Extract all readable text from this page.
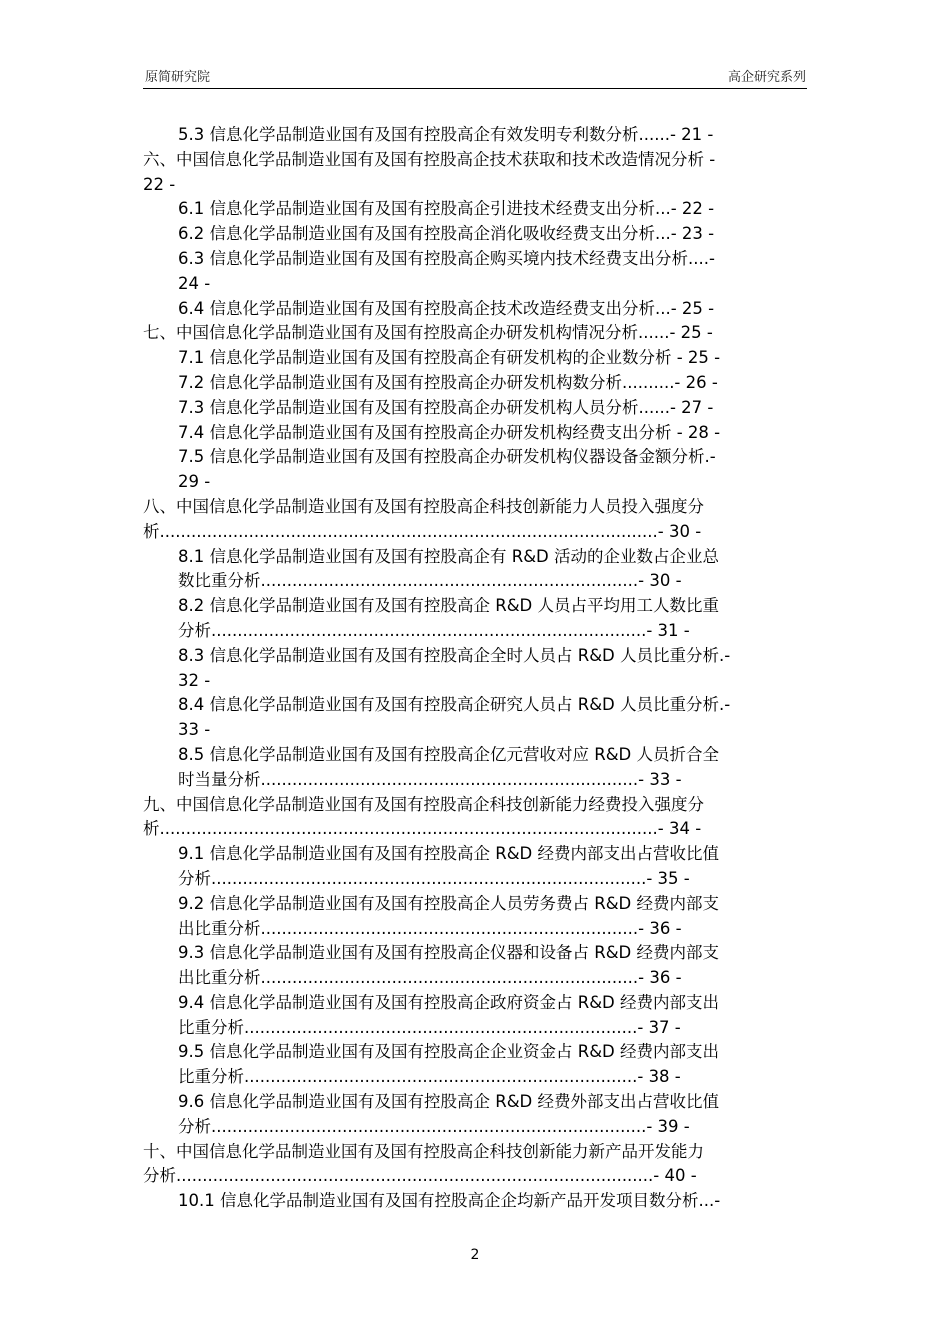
原简研究院	高企研究系列
5.3 信息化学品制造业国有及国有控股高企有效发明专利数分析......- 21 -
六、中国信息化学品制造业国有及国有控股高企技术获取和技术改造情况分析 -
22 -
6.1 信息化学品制造业国有及国有控股高企引进技术经费支出分析...- 22 -
6.2 信息化学品制造业国有及国有控股高企消化吸收经费支出分析...- 23 -
6.3 信息化学品制造业国有及国有控股高企购买境内技术经费支出分析....-
24 -
6.4 信息化学品制造业国有及国有控股高企技术改造经费支出分析...- 25 -
七、中国信息化学品制造业国有及国有控股高企办研发机构情况分析......- 25 -
7.1 信息化学品制造业国有及国有控股高企有研发机构的企业数分析 - 25 -
7.2 信息化学品制造业国有及国有控股高企办研发机构数分析..........- 26 -
7.3 信息化学品制造业国有及国有控股高企办研发机构人员分析......- 27 -
7.4 信息化学品制造业国有及国有控股高企办研发机构经费支出分析 - 28 -
7.5 信息化学品制造业国有及国有控股高企办研发机构仪器设备金额分析.-
29 -
八、中国信息化学品制造业国有及国有控股高企科技创新能力人员投入强度分
析...............................................................................................- 30 -
8.1 信息化学品制造业国有及国有控股高企有 R&D 活动的企业数占企业总
数比重分析........................................................................- 30 -
8.2 信息化学品制造业国有及国有控股高企 R&D 人员占平均用工人数比重
分析...................................................................................- 31 -
8.3 信息化学品制造业国有及国有控股高企全时人员占 R&D 人员比重分析.-
32 -
8.4 信息化学品制造业国有及国有控股高企研究人员占 R&D 人员比重分析.-
33 -
8.5 信息化学品制造业国有及国有控股高企亿元营收对应 R&D 人员折合全
时当量分析........................................................................- 33 -
九、中国信息化学品制造业国有及国有控股高企科技创新能力经费投入强度分
析...............................................................................................- 34 -
9.1 信息化学品制造业国有及国有控股高企 R&D 经费内部支出占营收比值
分析...................................................................................- 35 -
9.2 信息化学品制造业国有及国有控股高企人员劳务费占 R&D 经费内部支
出比重分析........................................................................- 36 -
9.3 信息化学品制造业国有及国有控股高企仪器和设备占 R&D 经费内部支
出比重分析........................................................................- 36 -
9.4 信息化学品制造业国有及国有控股高企政府资金占 R&D 经费内部支出
比重分析...........................................................................- 37 -
9.5 信息化学品制造业国有及国有控股高企企业资金占 R&D 经费内部支出
比重分析...........................................................................- 38 -
9.6 信息化学品制造业国有及国有控股高企 R&D 经费外部支出占营收比值
分析...................................................................................- 39 -
十、中国信息化学品制造业国有及国有控股高企科技创新能力新产品开发能力
分析...........................................................................................- 40 -
10.1 信息化学品制造业国有及国有控股高企企均新产品开发项目数分析...-
2
